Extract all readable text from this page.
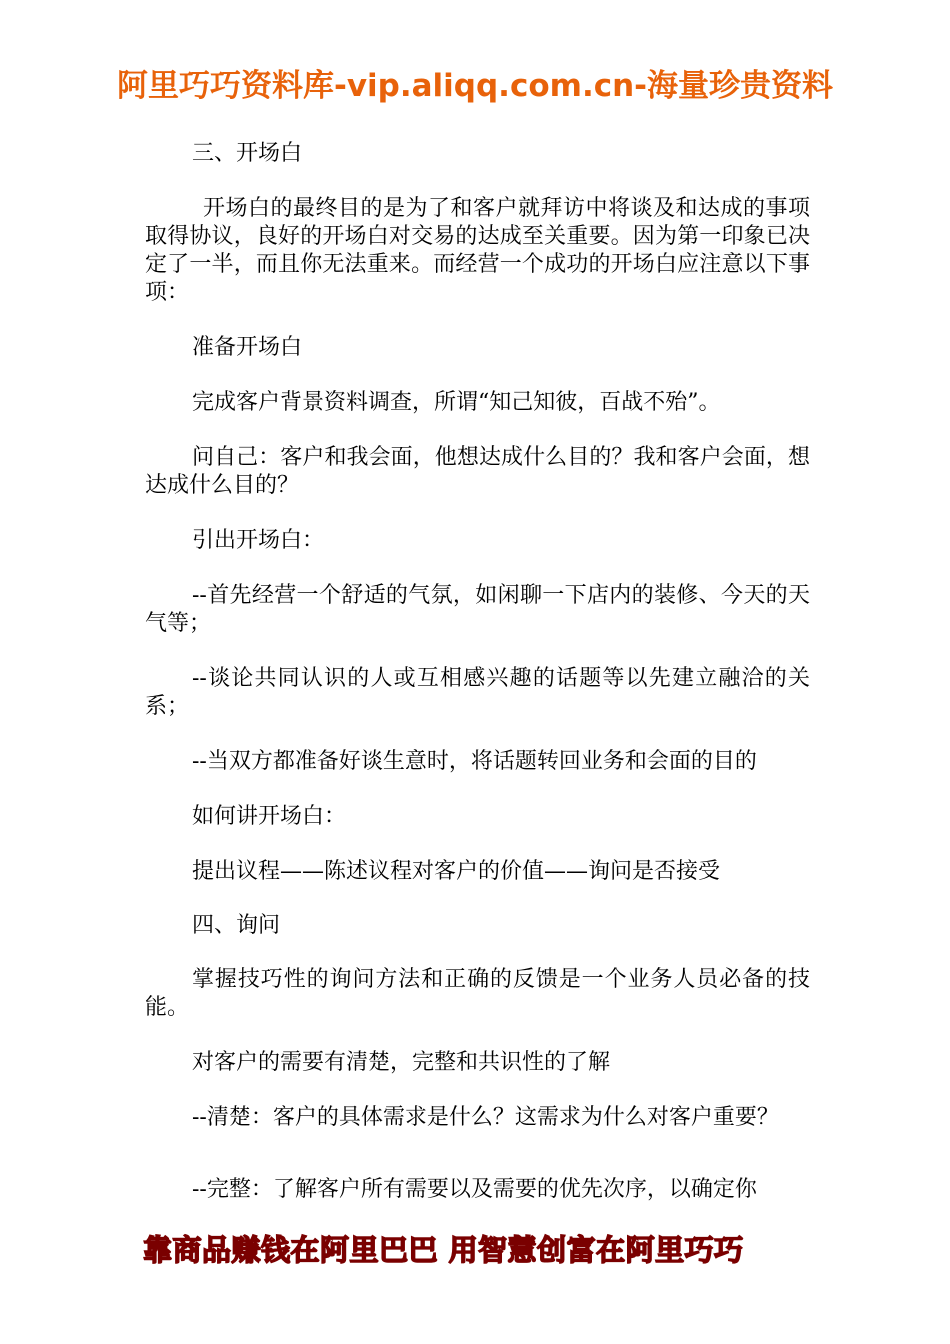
阿里巧巧资料库-vip.aliqq.com.cn-海量珍贵资料

三、开场白

开场白的最终目的是为了和客户就拜访中将谈及和达成的事项取得协议，良好的开场白对交易的达成至关重要。因为第一印象已决定了一半，而且你无法重来。而经营一个成功的开场白应注意以下事项：

准备开场白

完成客户背景资料调查，所谓“知己知彼，百战不殆”。

问自己：客户和我会面，他想达成什么目的？我和客户会面，想达成什么目的？

引出开场白：

--首先经营一个舒适的气氛，如闲聊一下店内的装修、今天的天气等；

--谈论共同认识的人或互相感兴趣的话题等以先建立融洽的关系；

--当双方都准备好谈生意时，将话题转回业务和会面的目的

如何讲开场白：

提出议程——陈述议程对客户的价值——询问是否接受

四、询问

掌握技巧性的询问方法和正确的反馈是一个业务人员必备的技能。

对客户的需要有清楚，完整和共识性的了解

--清楚：客户的具体需求是什么？这需求为什么对客户重要？

--完整：了解客户所有需要以及需要的优先次序，以确定你

靠商品赚钱在阿里巴巴 用智慧创富在阿里巧巧
